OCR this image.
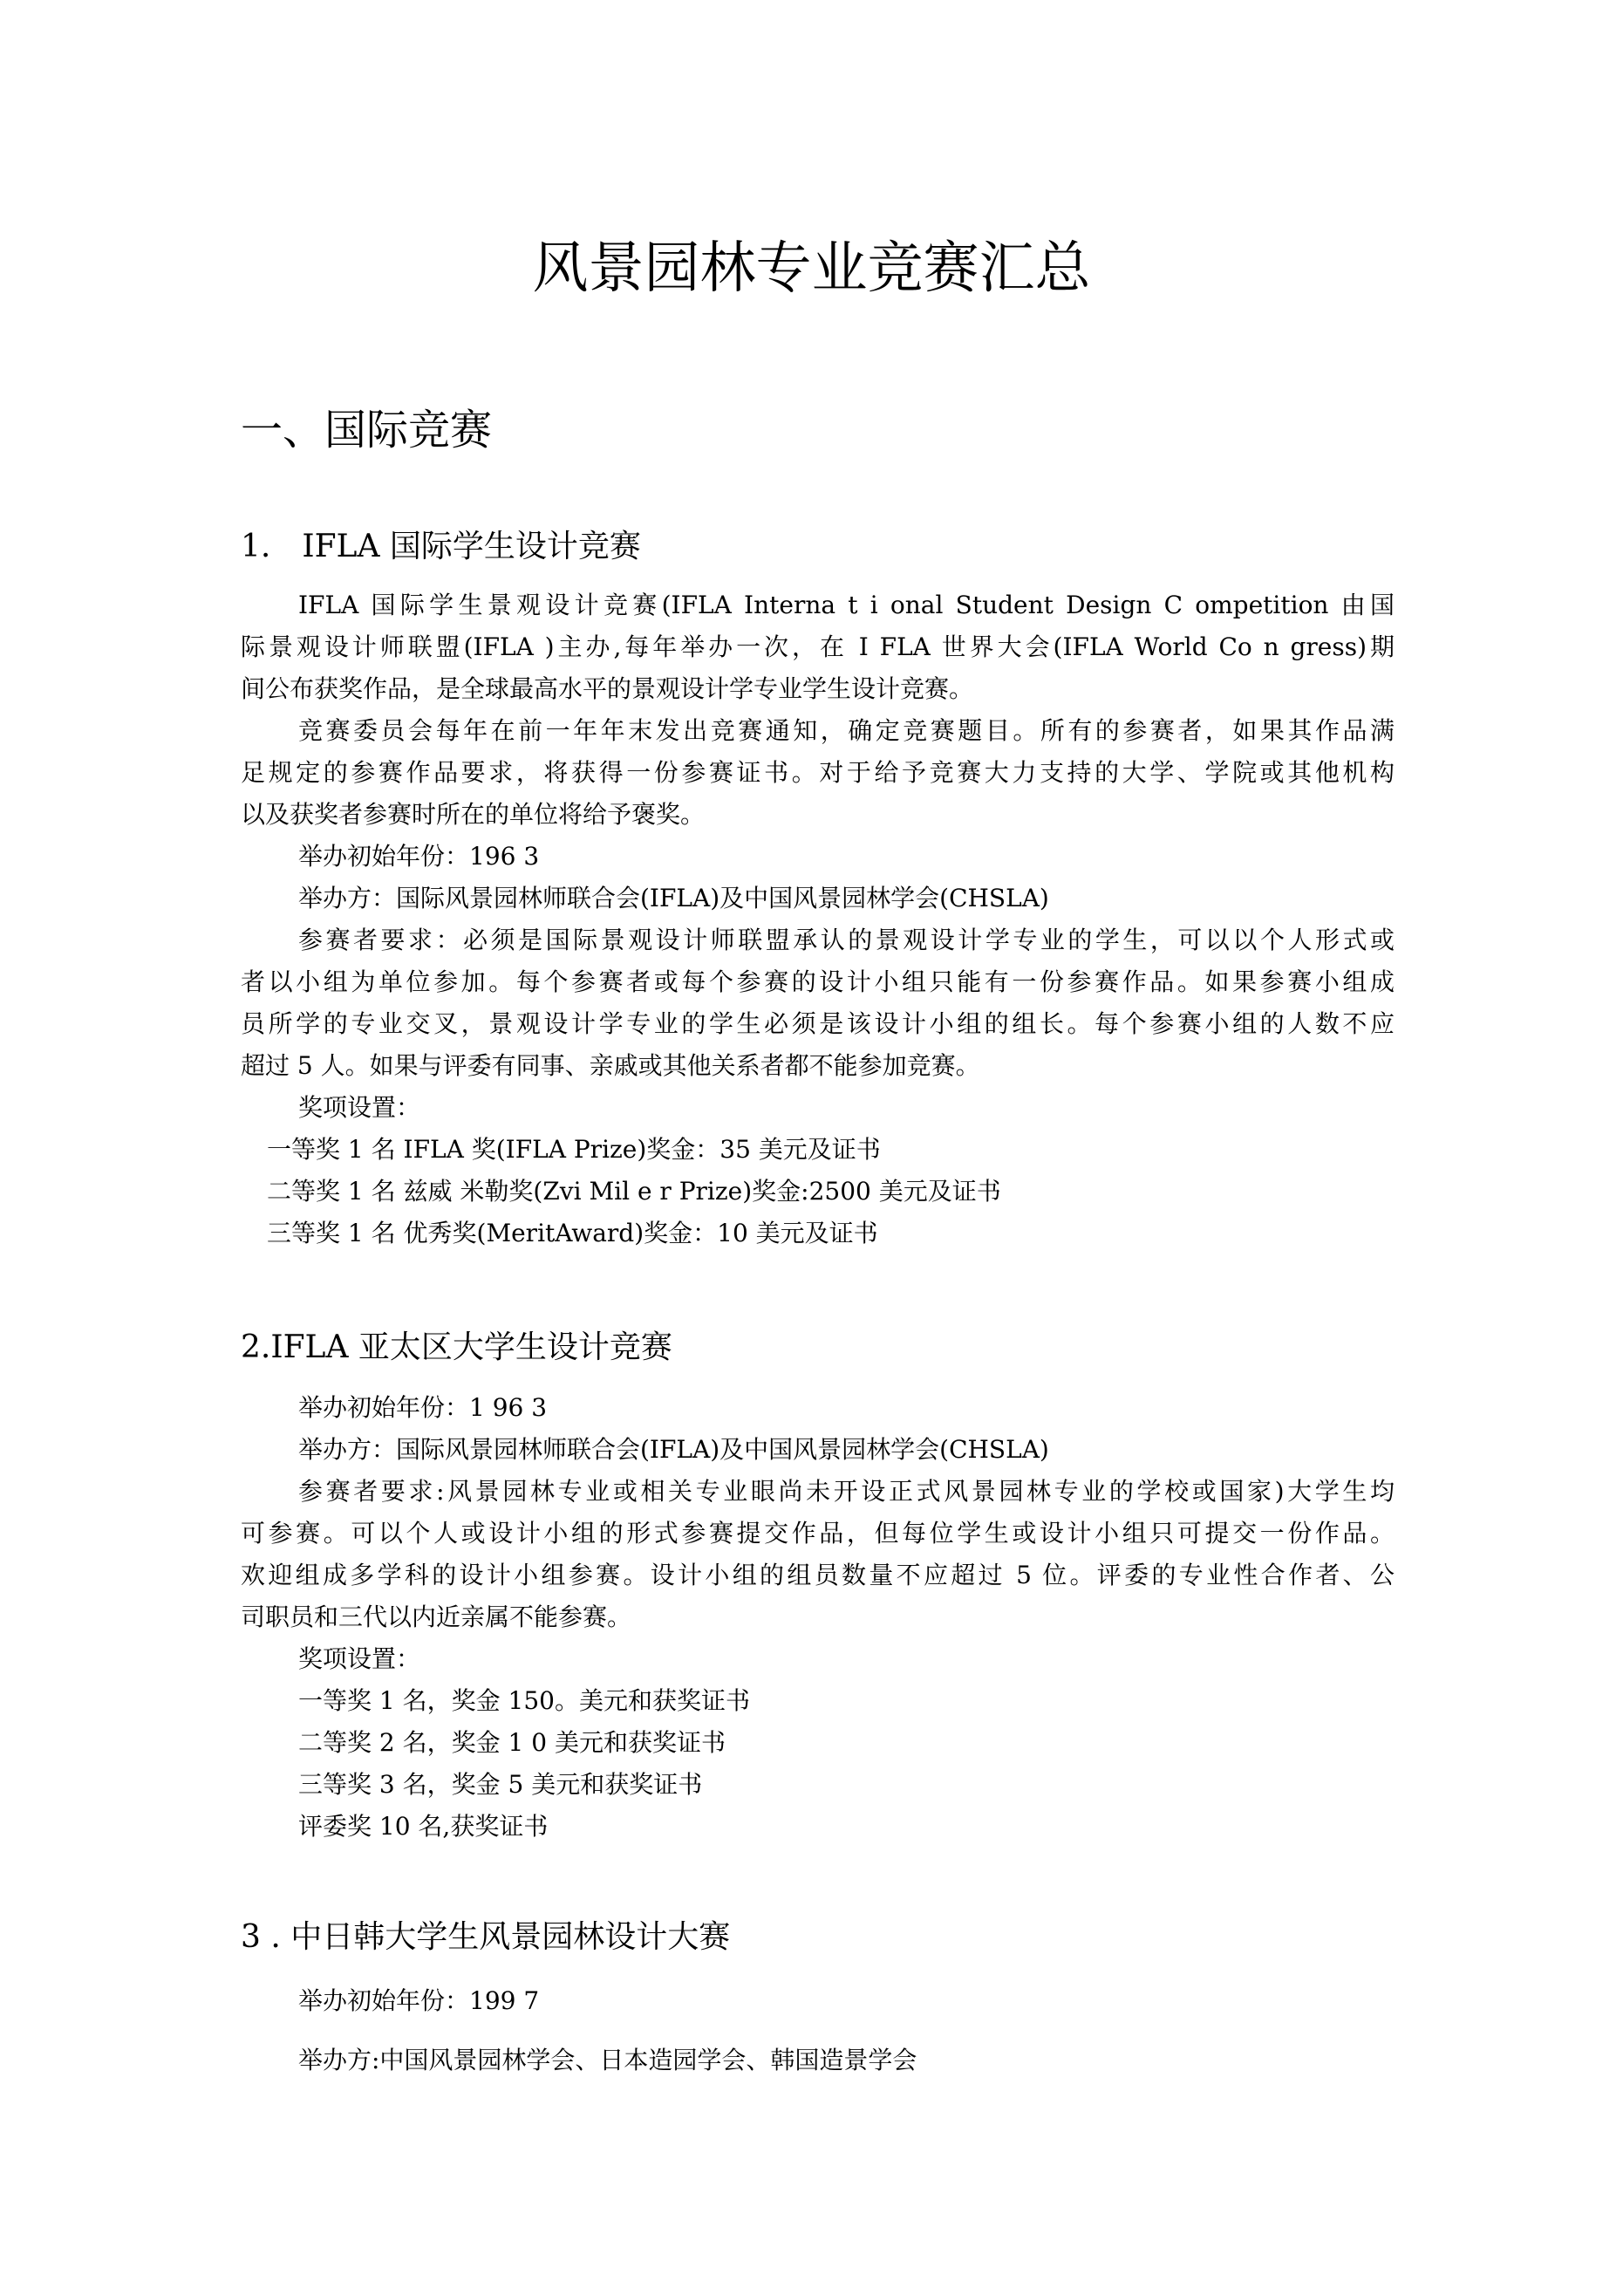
风景园林专业竞赛汇总
一、国际竞赛
1.　IFLA 国际学生设计竞赛
IFLA 国际学生景观设计竞赛(IFLA Interna t i onal Student Design C ompetition 由国
际景观设计师联盟(IFLA )主办,每年举办一次，在 I FLA 世界大会(IFLA World Co n gress)期
间公布获奖作品，是全球最高水平的景观设计学专业学生设计竞赛。
竞赛委员会每年在前一年年末发出竞赛通知，确定竞赛题目。所有的参赛者，如果其作品满
足规定的参赛作品要求，将获得一份参赛证书。对于给予竞赛大力支持的大学、学院或其他机构
以及获奖者参赛时所在的单位将给予褒奖。
举办初始年份：196 3
举办方：国际风景园林师联合会(IFLA)及中国风景园林学会(CHSLA)
参赛者要求：必须是国际景观设计师联盟承认的景观设计学专业的学生，可以以个人形式或
者以小组为单位参加。每个参赛者或每个参赛的设计小组只能有一份参赛作品。如果参赛小组成
员所学的专业交叉，景观设计学专业的学生必须是该设计小组的组长。每个参赛小组的人数不应
超过 5 人。如果与评委有同事、亲戚或其他关系者都不能参加竞赛。
奖项设置：
一等奖 1 名 IFLA 奖(IFLA Prize)奖金：35 美元及证书
二等奖 1 名 兹威 米勒奖(Zvi Mil e r Prize)奖金:2500 美元及证书
三等奖 1 名 优秀奖(MeritAward)奖金：10 美元及证书
2.IFLA 亚太区大学生设计竞赛
举办初始年份：1 96 3
举办方：国际风景园林师联合会(IFLA)及中国风景园林学会(CHSLA)
参赛者要求:风景园林专业或相关专业眼尚未开设正式风景园林专业的学校或国家)大学生均
可参赛。可以个人或设计小组的形式参赛提交作品，但每位学生或设计小组只可提交一份作品。
欢迎组成多学科的设计小组参赛。设计小组的组员数量不应超过 5 位。评委的专业性合作者、公
司职员和三代以内近亲属不能参赛。
奖项设置：
一等奖 1 名，奖金 150。美元和获奖证书
二等奖 2 名，奖金 1 0 美元和获奖证书
三等奖 3 名，奖金 5 美元和获奖证书
评委奖 10 名,获奖证书
3 . 中日韩大学生风景园林设计大赛
举办初始年份：199 7
举办方:中国风景园林学会、日本造园学会、韩国造景学会
